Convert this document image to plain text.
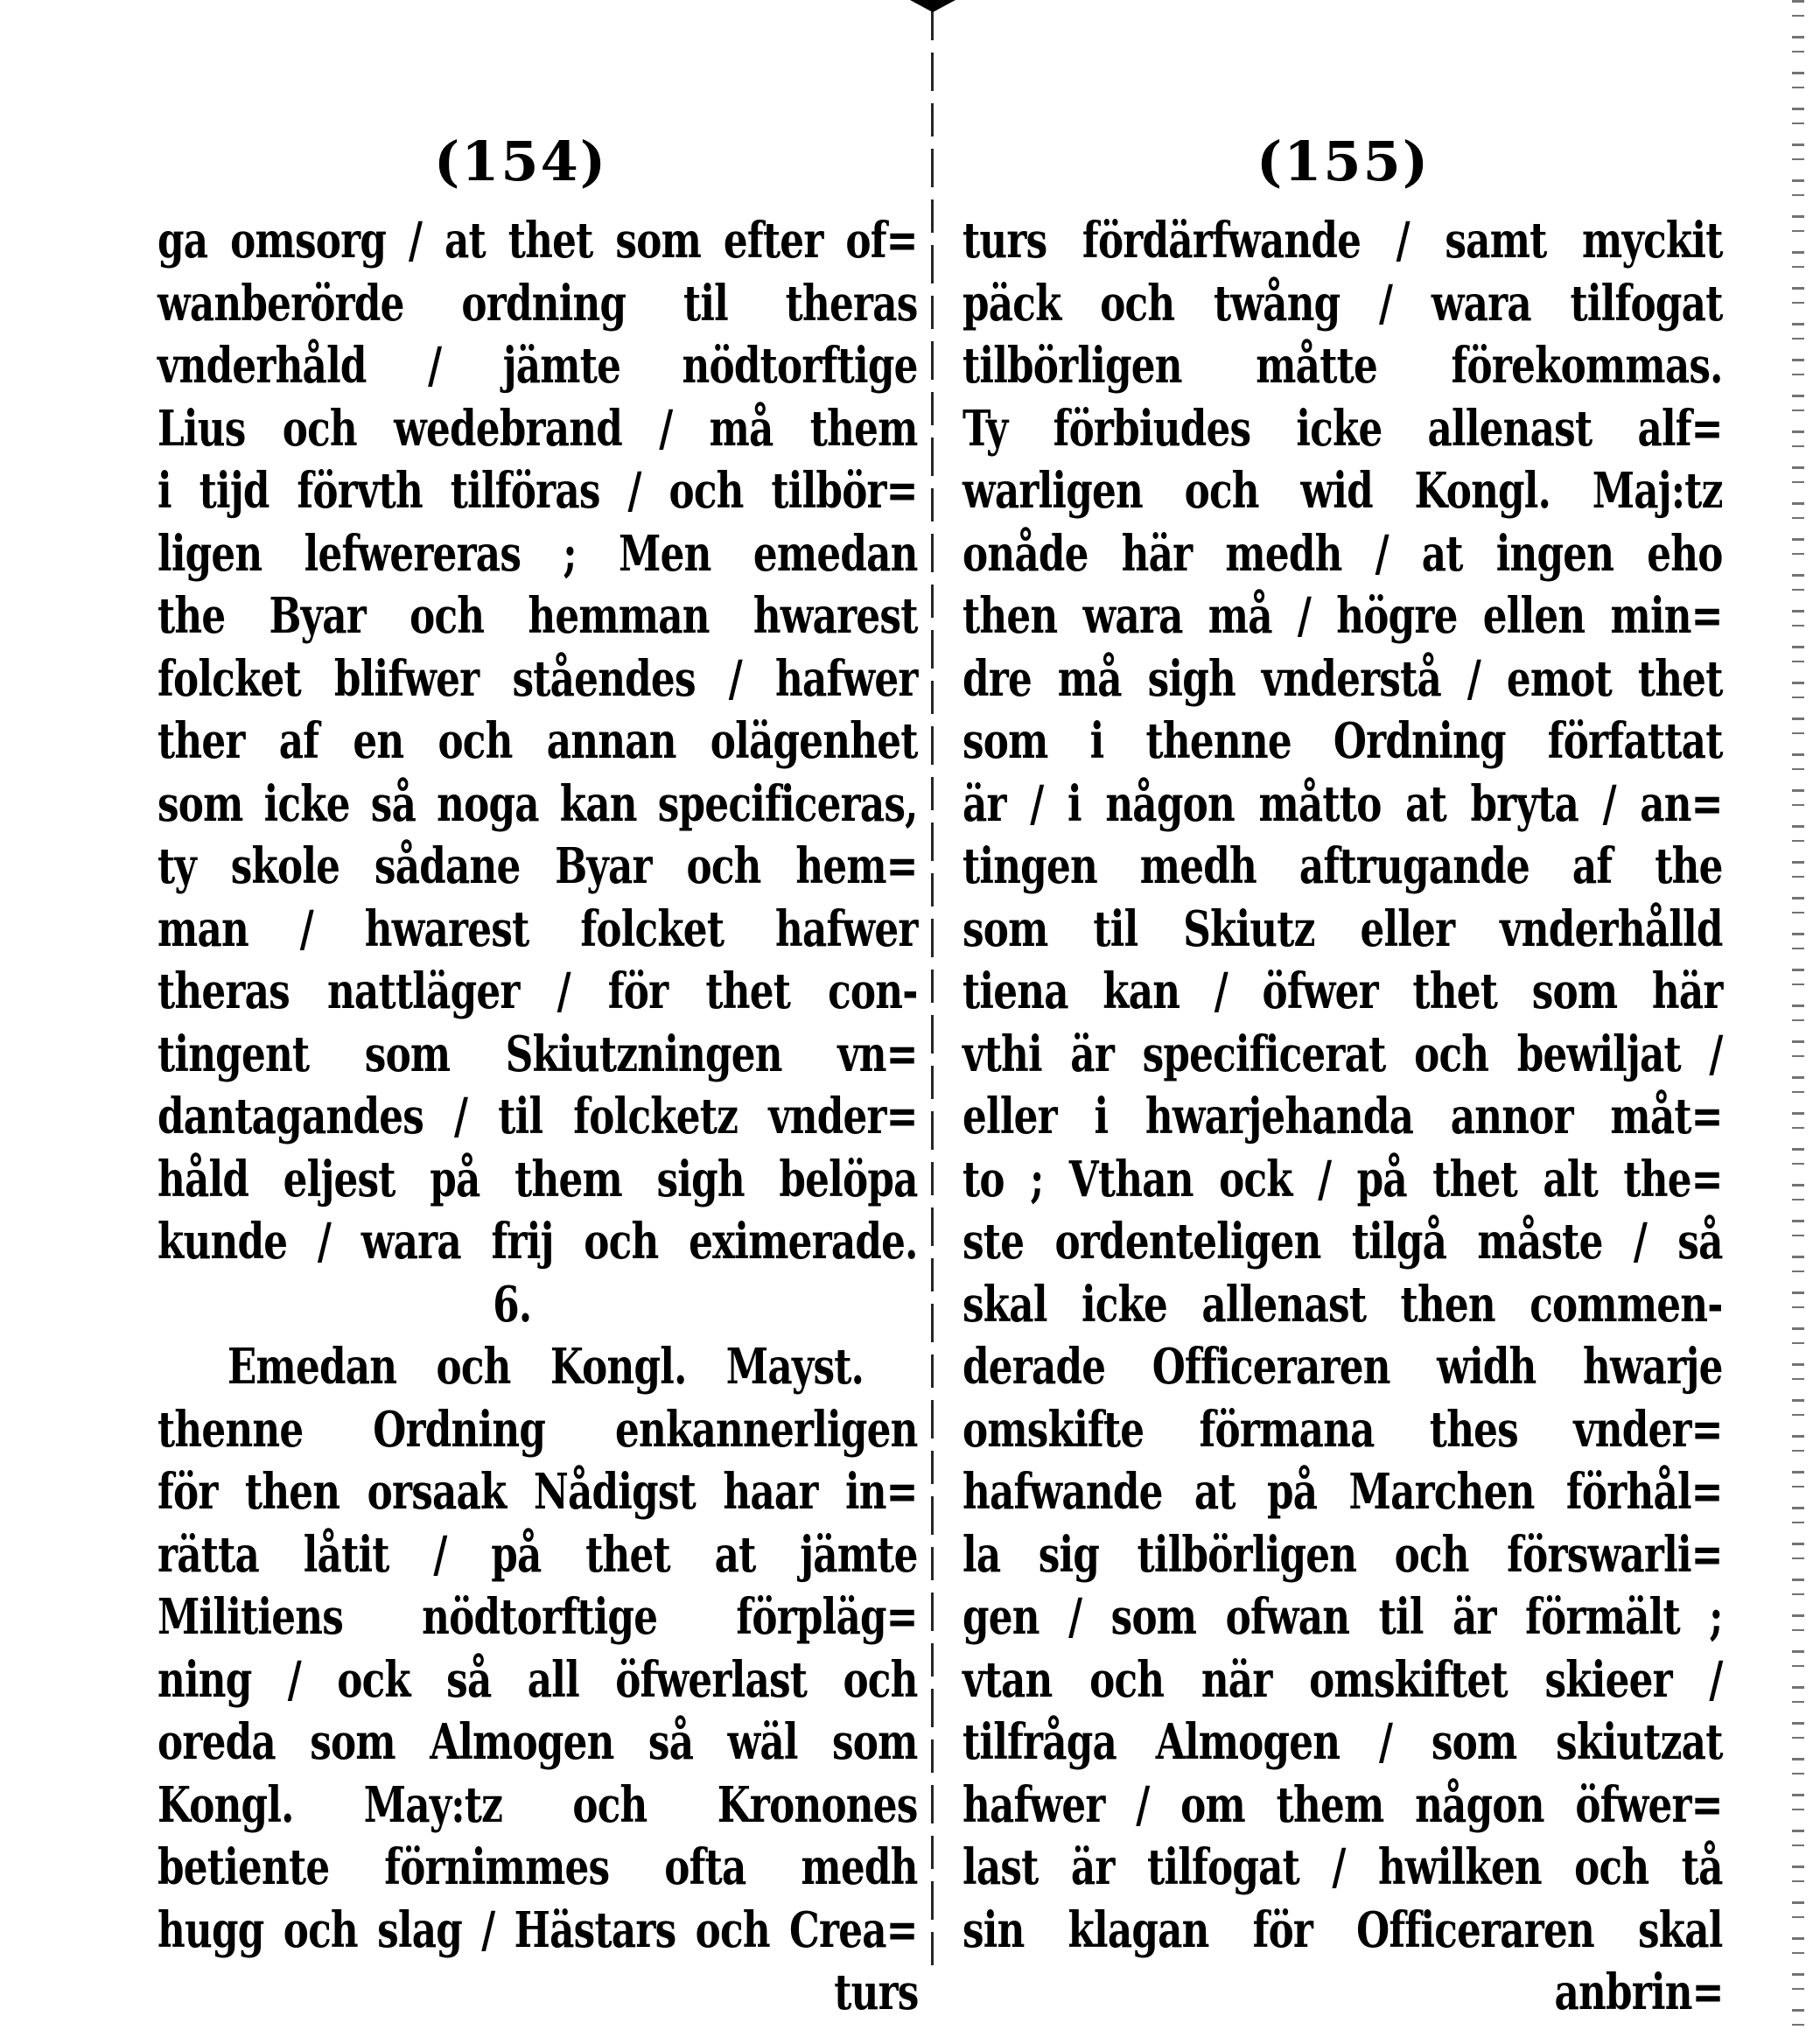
(154)
ga omsorg / at thet som efter of=
wanberörde ordning til theras
vnderhåld / jämte nödtorftige
Lius och wedebrand / må them
i tijd förvth tilföras / och tilbör=
ligen lefwereras ; Men emedan
the Byar och hemman hwarest
folcket blifwer ståendes / hafwer
ther af en och annan olägenhet
som icke så noga kan specificeras,
ty skole sådane Byar och hem=
man / hwarest folcket hafwer
theras nattläger / för thet con-
tingent som Skiutzningen vn=
dantagandes / til folcketz vnder=
håld eljest på them sigh belöpa
kunde / wara frij och eximerade.
6.
Emedan och Kongl. Mayst.
thenne Ordning enkannerligen
för then orsaak Nådigst haar in=
rätta låtit / på thet at jämte
Militiens nödtorftige förpläg=
ning / ock så all öfwerlast och
oreda som Almogen så wäl som
Kongl. May:tz och Kronones
betiente förnimmes ofta medh
hugg och slag / Hästars och Crea=
turs
(155)
turs fördärfwande / samt myckit
päck och twång / wara tilfogat
tilbörligen måtte förekommas.
Ty förbiudes icke allenast alf=
warligen och wid Kongl. Maj:tz
onåde här medh / at ingen eho
then wara må / högre ellen min=
dre må sigh vnderstå / emot thet
som i thenne Ordning författat
är / i någon måtto at bryta / an=
tingen medh aftrugande af the
som til Skiutz eller vnderhålld
tiena kan / öfwer thet som här
vthi är specificerat och bewiljat /
eller i hwarjehanda annor måt=
to ; Vthan ock / på thet alt the=
ste ordenteligen tilgå måste / så
skal icke allenast then commen-
derade Officeraren widh hwarje
omskifte förmana thes vnder=
hafwande at på Marchen förhål=
la sig tilbörligen och förswarli=
gen / som ofwan til är förmält ;
vtan och när omskiftet skieer /
tilfråga Almogen / som skiutzat
hafwer / om them någon öfwer=
last är tilfogat / hwilken och tå
sin klagan för Officeraren skal
anbrin=
